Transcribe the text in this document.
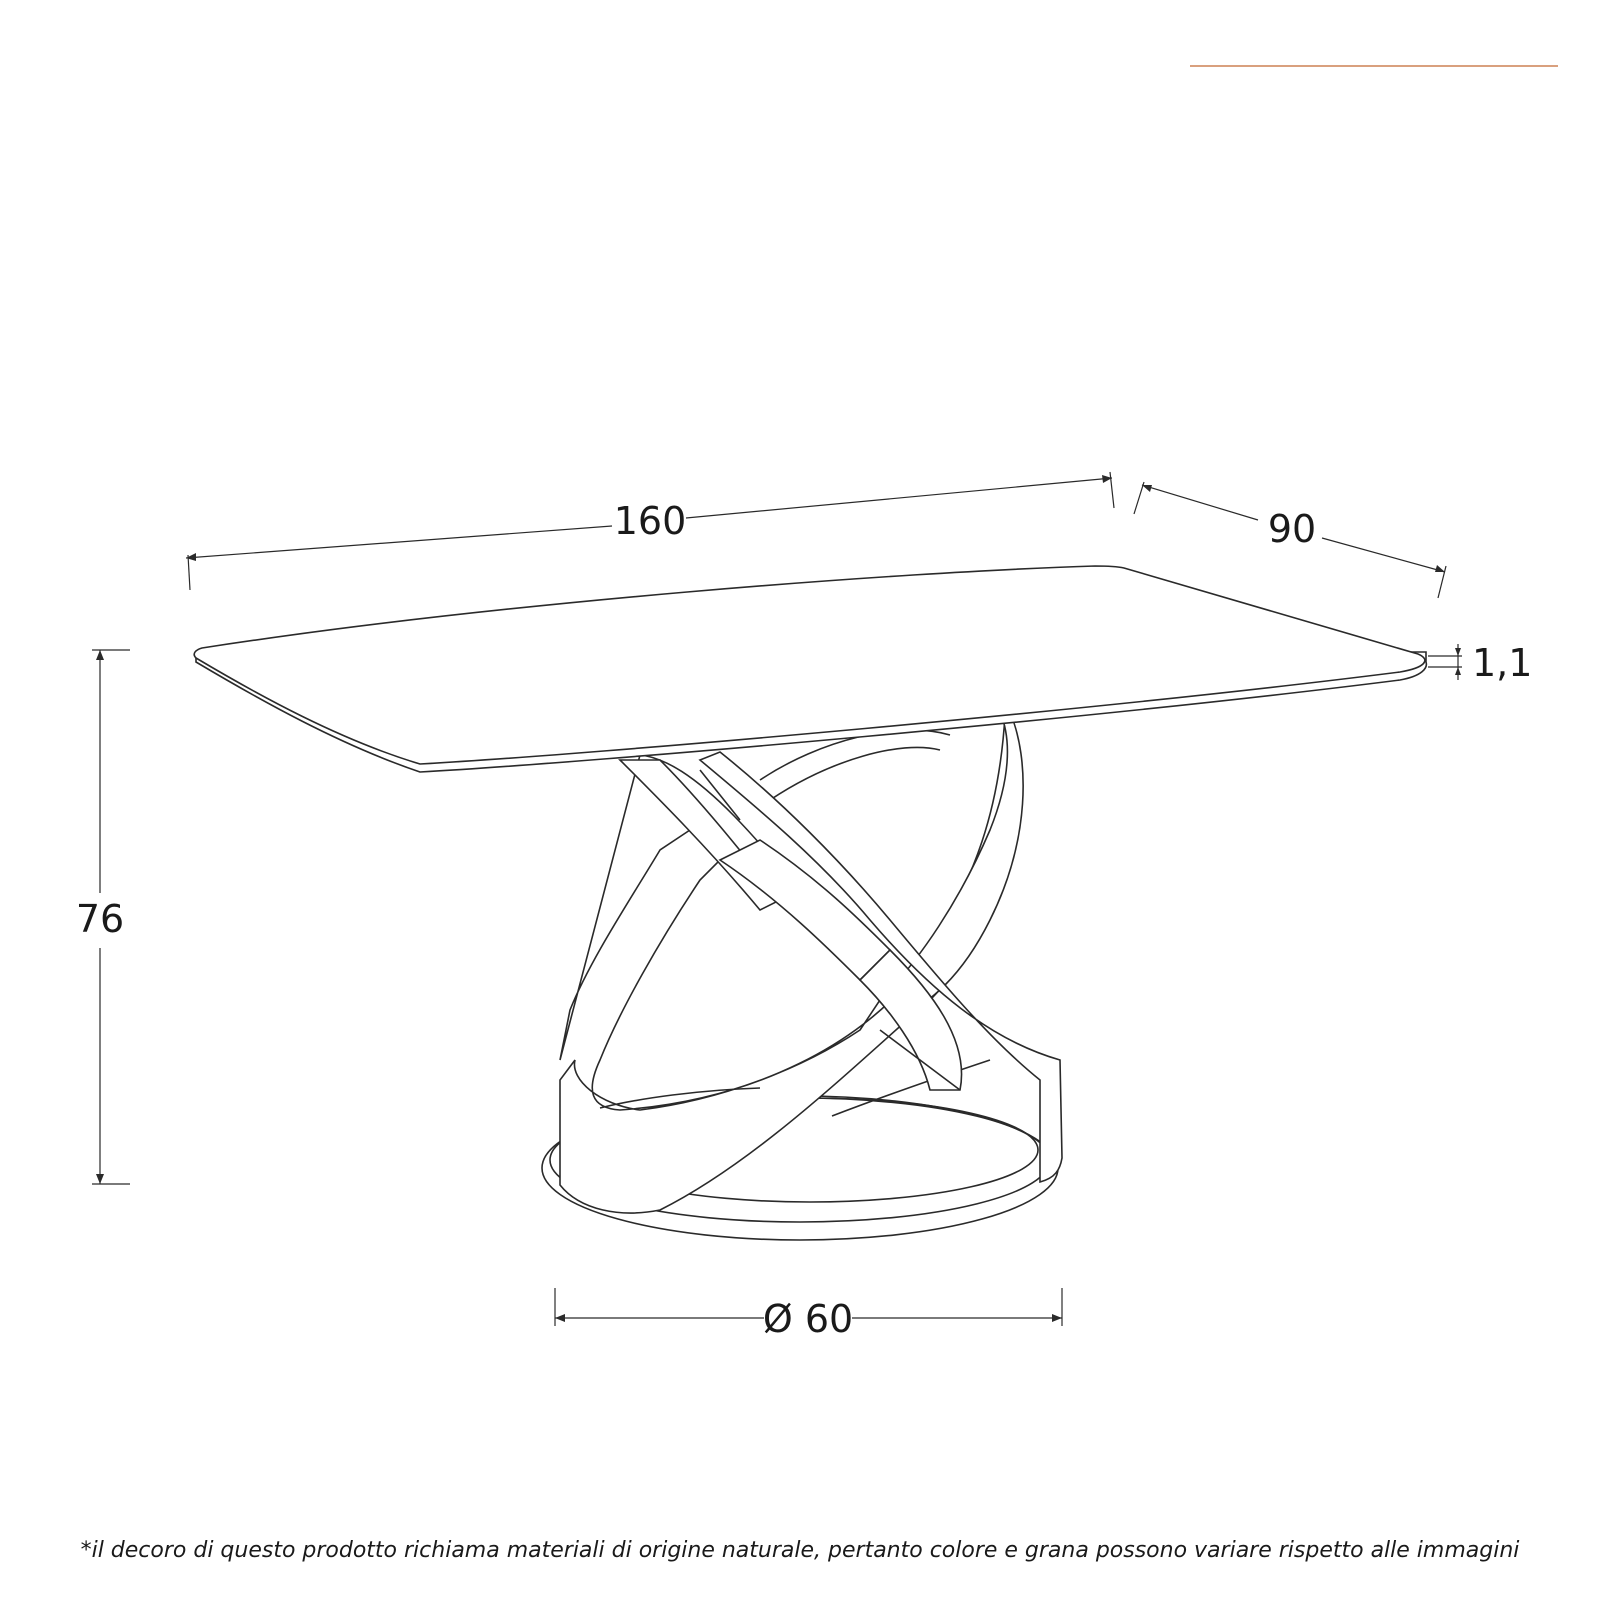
160	90
1,1
76
Ø 60
*il decoro di questo prodotto richiama materiali di origine naturale, pertanto colore e grana possono variare rispetto alle immagini
